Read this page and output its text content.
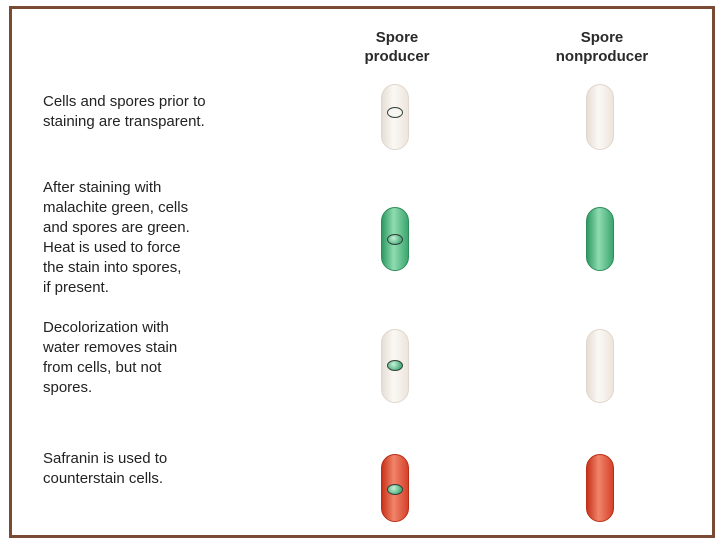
Spore
producer
Spore
nonproducer
Cells and spores prior to
staining are transparent.
After staining with
malachite green, cells
and spores are green.
Heat is used to force
the stain into spores,
if present.
Decolorization with
water removes stain
from cells, but not
spores.
Safranin is used to
counterstain cells.
